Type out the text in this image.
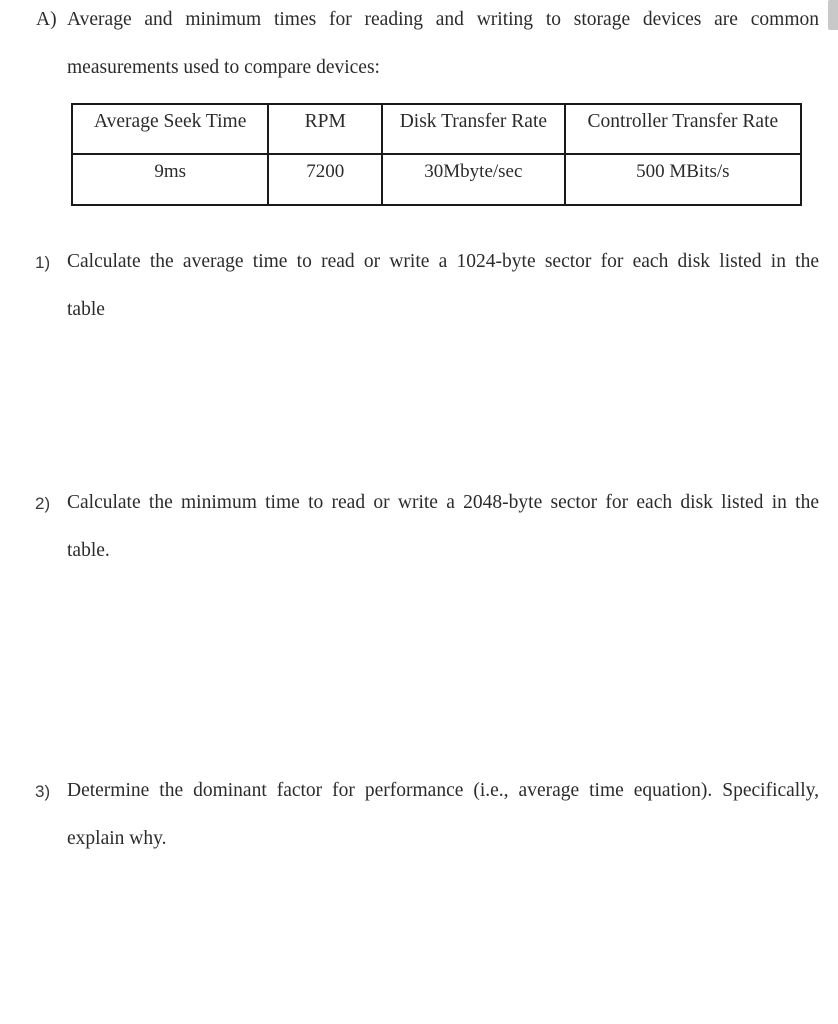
A) Average and minimum times for reading and writing to storage devices are common
measurements used to compare devices:
Average Seek Time	RPM	Disk Transfer Rate	Controller Transfer Rate
9ms	7200	30Mbyte/sec	500 MBits/s
1) Calculate the average time to read or write a 1024-byte sector for each disk listed in the
table
2) Calculate the minimum time to read or write a 2048-byte sector for each disk listed in the
table.
3) Determine the dominant factor for performance (i.e., average time equation). Specifically,
explain why.
